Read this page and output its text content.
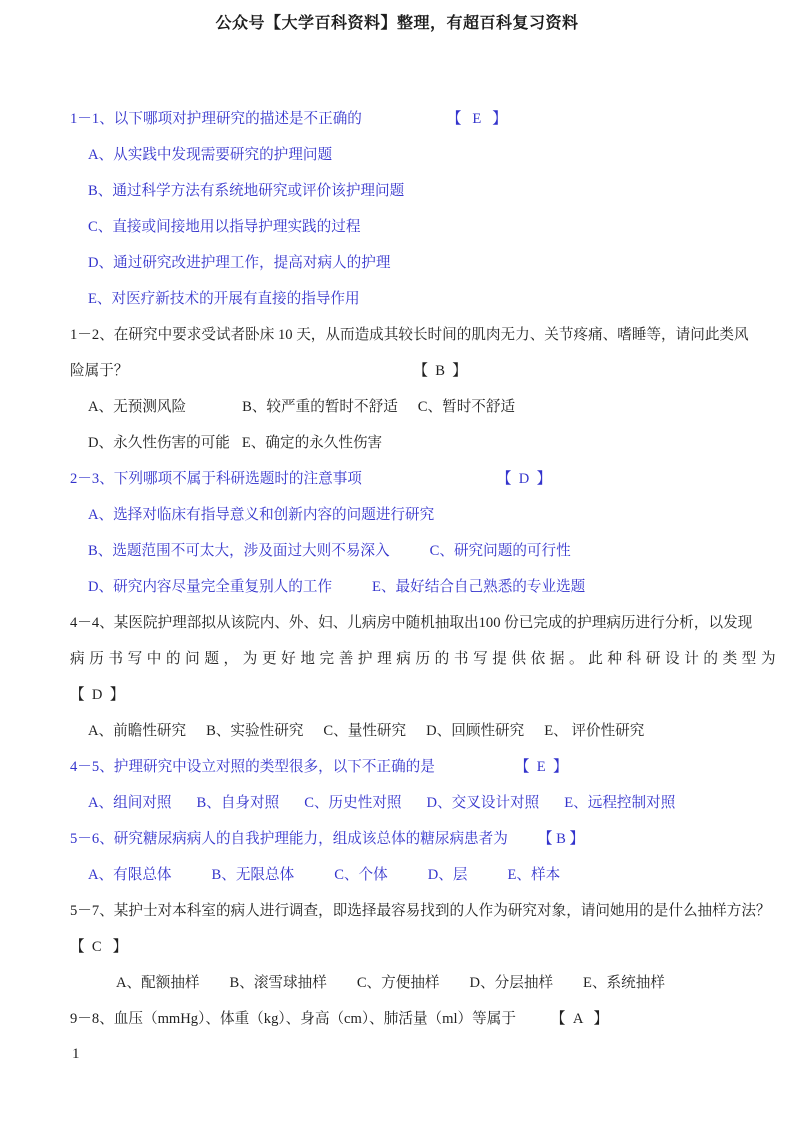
公众号【大学百科资料】整理，有超百科复习资料
1－1、以下哪项对护理研究的描述是不正确的	【   E   】
A、从实践中发现需要研究的护理问题
B、通过科学方法有系统地研究或评价该护理问题
C、直接或间接地用以指导护理实践的过程
D、通过研究改进护理工作，提高对病人的护理
E、对医疗新技术的开展有直接的指导作用
1－2、在研究中要求受试者卧床 10 天，从而造成其较长时间的肌肉无力、关节疼痛、嗜睡等，请问此类风
险属于？	【  B  】
A、无预测风险	B、较严重的暂时不舒适 C、暂时不舒适
D、永久性伤害的可能 E、确定的永久性伤害
2－3、下列哪项不属于科研选题时的注意事项	【  D  】
A、选择对临床有指导意义和创新内容的问题进行研究
B、选题范围不可太大，涉及面过大则不易深入	C、研究问题的可行性
D、研究内容尽量完全重复别人的工作	E、最好结合自己熟悉的专业选题
4－4、某医院护理部拟从该院内、外、妇、儿病房中随机抽取出100 份已完成的护理病历进行分析，以发现
病历书写中的问题，为更好地完善护理病历的书写提供依据。此种科研设计的类型为
【  D  】
A、前瞻性研究 B、实验性研究 C、量性研究 D、回顾性研究 E、 评价性研究
4－5、护理研究中设立对照的类型很多，以下不正确的是	【  E  】
A、组间对照 B、自身对照 C、历史性对照 D、交叉设计对照 E、远程控制对照
5－6、研究糖尿病病人的自我护理能力，组成该总体的糖尿病患者为 【 B 】
A、有限总体	B、无限总体	C、个体	D、层	E、样本
5－7、某护士对本科室的病人进行调查，即选择最容易找到的人作为研究对象，请问她用的是什么抽样方法？
【  C   】
A、配额抽样 B、滚雪球抽样 C、方便抽样 D、分层抽样 E、系统抽样
9－8、血压（mmHg）、体重（kg）、身高（cm）、肺活量（ml）等属于 【  A   】
1
